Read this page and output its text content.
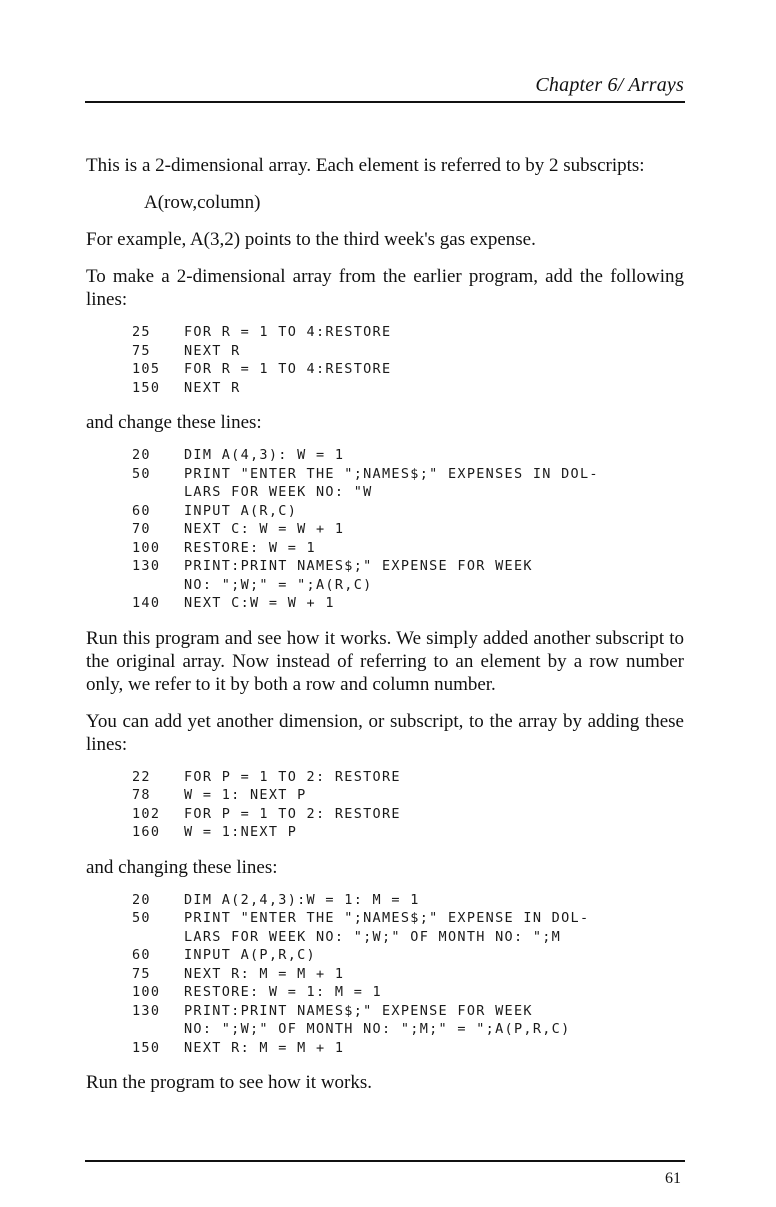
Chapter 6/ Arrays

This is a 2-dimensional array. Each element is referred to by 2 subscripts:

A(row,column)

For example, A(3,2) points to the third week's gas expense.

To make a 2-dimensional array from the earlier program, add the following lines:

25	FOR R = 1 TO 4:RESTORE
75	NEXT R
105	FOR R = 1 TO 4:RESTORE
150	NEXT R

and change these lines:

20	DIM A(4,3): W = 1
50	PRINT "ENTER THE ";NAMES$;" EXPENSES IN DOL-
LARS FOR WEEK NO: "W
60	INPUT A(R,C)
70	NEXT C: W = W + 1
100	RESTORE: W = 1
130	PRINT:PRINT NAMES$;" EXPENSE FOR WEEK
NO: ";W;" = ";A(R,C)
140	NEXT C:W = W + 1

Run this program and see how it works. We simply added another subscript to the original array. Now instead of referring to an element by a row number only, we refer to it by both a row and column number.

You can add yet another dimension, or subscript, to the array by adding these lines:

22	FOR P = 1 TO 2: RESTORE
78	W = 1: NEXT P
102	FOR P = 1 TO 2: RESTORE
160	W = 1:NEXT P

and changing these lines:

20	DIM A(2,4,3):W = 1: M = 1
50	PRINT "ENTER THE ";NAMES$;" EXPENSE IN DOL-
LARS FOR WEEK NO: ";W;" OF MONTH NO: ";M
60	INPUT A(P,R,C)
75	NEXT R: M = M + 1
100	RESTORE: W = 1: M = 1
130	PRINT:PRINT NAMES$;" EXPENSE FOR WEEK
NO: ";W;" OF MONTH NO: ";M;" = ";A(P,R,C)
150	NEXT R: M = M + 1

Run the program to see how it works.

61
